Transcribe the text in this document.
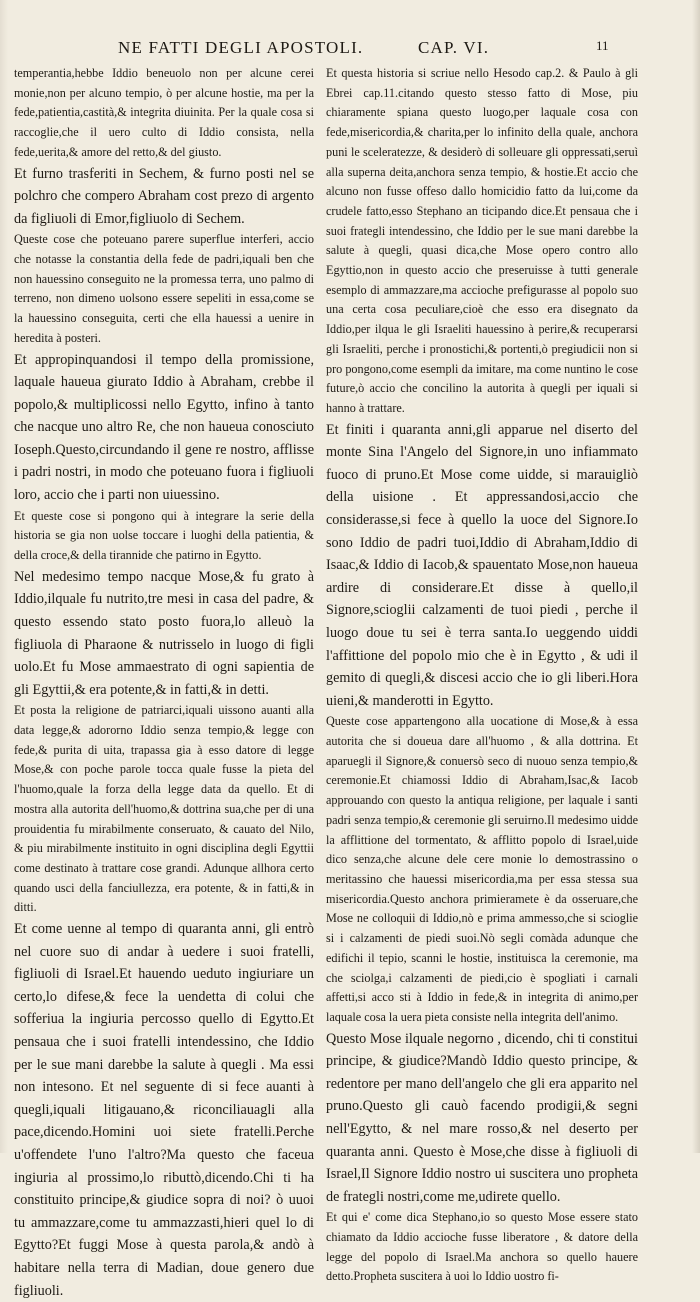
NE FATTI DEGLI APOSTOLI.	CAP. VI.	11

temperantia,hebbe Iddio beneuolo non per alcune cerei monie,non per alcuno tempio, ò per alcune hostie, ma per la fede,patientia,castità,& integrita diuinita. Per la quale cosa si raccoglie,che il uero culto di Iddio consista, nella fede,uerita,& amore del retto,& del giusto.

Et furno trasferiti in Sechem, & furno posti nel se polchro che compero Abraham cost prezo di argento da figliuoli di Emor,figliuolo di Sechem.

Queste cose che poteuano parere superflue interferi, accio che notasse la constantia della fede de padri,iquali ben che non hauessino conseguito ne la promessa terra, uno palmo di terreno, non dimeno uolsono essere sepeliti in essa,come se la hauessino conseguita, certi che ella hauessi a uenire in heredita à posteri.

Et appropinquandosi il tempo della promissione, laquale haueua giurato Iddio à Abraham, crebbe il popolo,& multiplicossi nello Egytto, infino à tanto che nacque uno altro Re, che non haueua conosciuto Ioseph.Questo,circundando il gene re nostro, afflisse i padri nostri, in modo che poteuano fuora i figliuoli loro, accio che i parti non uiuessino.

Et queste cose si pongono qui à integrare la serie della historia se gia non uolse toccare i luoghi della patientia, & della croce,& della tirannide che patirno in Egytto.

Nel medesimo tempo nacque Mose,& fu grato à Iddio,ilquale fu nutrito,tre mesi in casa del padre, & questo essendo stato posto fuora,lo alleuò la figliuola di Pharaone & nutrisselo in luogo di figli uolo.Et fu Mose ammaestrato di ogni sapientia de gli Egyttii,& era potente,& in fatti,& in detti.

Et posta la religione de patriarci,iquali uissono auanti alla data legge,& adororno Iddio senza tempio,& legge con fede,& purita di uita, trapassa gia à esso datore di legge Mose,& con poche parole tocca quale fusse la pieta del l'huomo,quale la forza della legge data da quello. Et di mostra alla autorita dell'huomo,& dottrina sua,che per di una prouidentia fu mirabilmente conseruato, & cauato del Nilo, & piu mirabilmente instituito in ogni disciplina degli Egyttii come destinato à trattare cose grandi. Adunque allhora certo quando usci della fanciullezza, era potente, & in fatti,& in ditti.

Et come uenne al tempo di quaranta anni, gli entrò nel cuore suo di andar à uedere i suoi fratelli, figliuoli di Israel.Et hauendo ueduto ingiuriare un certo,lo difese,& fece la uendetta di colui che sofferiua la ingiuria percosso quello di Egytto.Et pensaua che i suoi fratelli intendessino, che Iddio per le sue mani darebbe la salute à quegli . Ma essi non intesono. Et nel seguente di si fece auanti à quegli,iquali litigauano,& riconciliauagli alla pace,dicendo.Homini uoi siete fratelli.Perche u'offendete l'uno l'altro?Ma questo che faceua ingiuria al prossimo,lo ributtò,dicendo.Chi ti ha constituito principe,& giudice sopra di noi? ò uuoi tu ammazzare,come tu ammazzasti,hieri quel lo di Egytto?Et fuggi Mose à questa parola,& andò à habitare nella terra di Madian, doue genero due figliuoli.

Et questa historia si scriue nello Hesodo cap.2. & Paulo à gli Ebrei cap.11.citando questo stesso fatto di Mose, piu chiaramente spiana questo luogo,per laquale cosa con fede,misericordia,& charita,per lo infinito della quale, anchora puni le sceleratezze, & desiderò di solleuare gli oppressati,seruì alla superna deita,anchora senza tempio, & hostie.Et accio che alcuno non fusse offeso dallo homicidio fatto da lui,come da crudele fatto,esso Stephano an ticipando dice.Et pensaua che i suoi frategli intendessino, che Iddio per le sue mani darebbe la salute à quegli, quasi dica,che Mose opero contro allo Egyttio,non in questo accio che preseruisse à tutti generale esemplo di ammazzare,ma accioche prefigurasse al popolo suo una certa cosa peculiare,cioè che esso era disegnato da Iddio,per ilqua le gli Israeliti hauessino à perire,& recuperarsi gli Israeliti, perche i pronostichi,& portenti,ò pregiudicii non si pro pongono,come esempli da imitare, ma come nuntino le cose future,ò accio che concilino la autorita à quegli per iquali si hanno à trattare.

Et finiti i quaranta anni,gli apparue nel diserto del monte Sina l'Angelo del Signore,in uno infiammato fuoco di pruno.Et Mose come uidde, si marauigliò della uisione . Et appressandosi,accio che considerasse,si fece à quello la uoce del Signore.Io sono Iddio de padri tuoi,Iddio di Abraham,Iddio di Isaac,& Iddio di Iacob,& spauentato Mose,non haueua ardire di considerare.Et disse à quello,il Signore,scioglii calzamenti de tuoi piedi , perche il luogo doue tu sei è terra santa.Io ueggendo uiddi l'affittione del popolo mio che è in Egytto , & udi il gemito di quegli,& discesi accio che io gli liberi.Hora uieni,& manderotti in Egytto.

Queste cose appartengono alla uocatione di Mose,& à essa autorita che si doueua dare all'huomo , & alla dottrina. Et aparuegli il Signore,& conuersò seco di nuouo senza tempio,& ceremonie.Et chiamossi Iddio di Abraham,Isac,& Iacob approuando con questo la antiqua religione, per laquale i santi padri senza tempio,& ceremonie gli seruirno.Il medesimo uidde la afflittione del tormentato, & afflitto popolo di Israel,uide dico senza,che alcune dele cere monie lo demostrassino o meritassino che hauessi misericordia,ma per essa stessa sua misericordia.Questo anchora primieramete è da osseruare,che Mose ne colloquii di Iddio,nò e prima ammesso,che si scioglie si i calzamenti de piedi suoi.Nò segli comàda adunque che edifichi il tepio, scanni le hostie, instituisca la ceremonie, ma che sciolga,i calzamenti de piedi,cio è spogliati i carnali affetti,si acco sti à Iddio in fede,& in integrita di animo,per laquale cosa la uera pieta consiste nella integrita dell'animo.

Questo Mose ilquale negorno , dicendo, chi ti constitui principe, & giudice?Mandò Iddio questo principe, & redentore per mano dell'angelo che gli era apparito nel pruno.Questo gli cauò facendo prodigii,& segni nell'Egytto, & nel mare rosso,& nel deserto per quaranta anni. Questo è Mose,che disse à figliuoli di Israel,Il Signore Iddio nostro ui suscitera uno propheta de frategli nostri,come me,udirete quello.

Et qui e' come dica Stephano,io so questo Mose essere stato chiamato da Iddio accioche fusse liberatore , & datore della legge del popolo di Israel.Ma anchora so quello hauere detto.Propheta suscitera à uoi lo Iddio uostro fi-
